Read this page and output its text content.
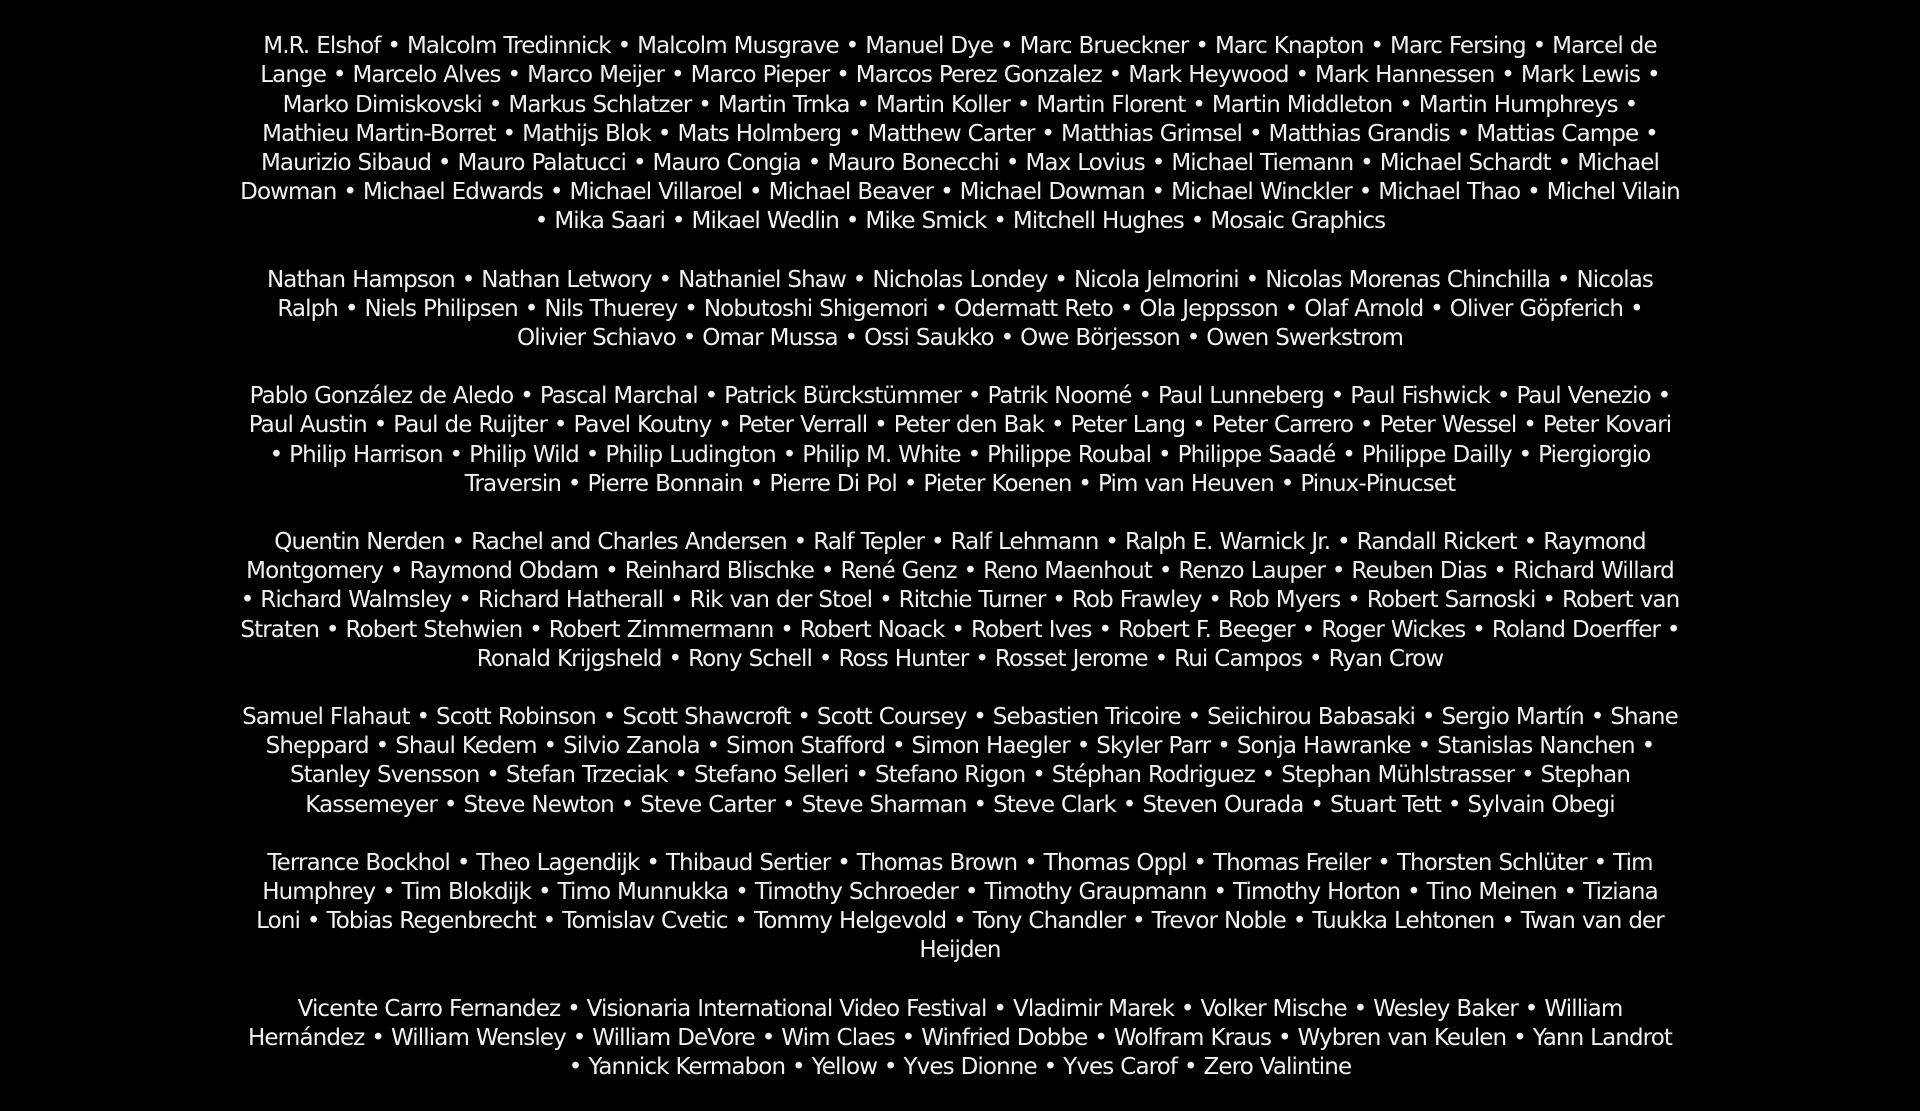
M.R. Elshof • Malcolm Tredinnick • Malcolm Musgrave • Manuel Dye • Marc Brueckner • Marc Knapton • Marc Fersing • Marcel de Lange • Marcelo Alves • Marco Meijer • Marco Pieper • Marcos Perez Gonzalez • Mark Heywood • Mark Hannessen • Mark Lewis • Marko Dimiskovski • Markus Schlatzer • Martin Trnka • Martin Koller • Martin Florent • Martin Middleton • Martin Humphreys • Mathieu Martin-Borret • Mathijs Blok • Mats Holmberg • Matthew Carter • Matthias Grimsel • Matthias Grandis • Mattias Campe • Maurizio Sibaud • Mauro Palatucci • Mauro Congia • Mauro Bonecchi • Max Lovius • Michael Tiemann • Michael Schardt • Michael Dowman • Michael Edwards • Michael Villaroel • Michael Beaver • Michael Dowman • Michael Winckler • Michael Thao • Michel Vilain • Mika Saari • Mikael Wedlin • Mike Smick • Mitchell Hughes • Mosaic Graphics

Nathan Hampson • Nathan Letwory • Nathaniel Shaw • Nicholas Londey • Nicola Jelmorini • Nicolas Morenas Chinchilla • Nicolas Ralph • Niels Philipsen • Nils Thuerey • Nobutoshi Shigemori • Odermatt Reto • Ola Jeppsson • Olaf Arnold • Oliver Göpferich • Olivier Schiavo • Omar Mussa • Ossi Saukko • Owe Börjesson • Owen Swerkstrom

Pablo González de Aledo • Pascal Marchal • Patrick Bürckstümmer • Patrik Noomé • Paul Lunneberg • Paul Fishwick • Paul Venezio • Paul Austin • Paul de Ruijter • Pavel Koutny • Peter Verrall • Peter den Bak • Peter Lang • Peter Carrero • Peter Wessel • Peter Kovari • Philip Harrison • Philip Wild • Philip Ludington • Philip M. White • Philippe Roubal • Philippe Saadé • Philippe Dailly • Piergiorgio Traversin • Pierre Bonnain • Pierre Di Pol • Pieter Koenen • Pim van Heuven • Pinux-Pinucset

Quentin Nerden • Rachel and Charles Andersen • Ralf Tepler • Ralf Lehmann • Ralph E. Warnick Jr. • Randall Rickert • Raymond Montgomery • Raymond Obdam • Reinhard Blischke • René Genz • Reno Maenhout • Renzo Lauper • Reuben Dias • Richard Willard • Richard Walmsley • Richard Hatherall • Rik van der Stoel • Ritchie Turner • Rob Frawley • Rob Myers • Robert Sarnoski • Robert van Straten • Robert Stehwien • Robert Zimmermann • Robert Noack • Robert Ives • Robert F. Beeger • Roger Wickes • Roland Doerffer • Ronald Krijgsheld • Rony Schell • Ross Hunter • Rosset Jerome • Rui Campos • Ryan Crow

Samuel Flahaut • Scott Robinson • Scott Shawcroft • Scott Coursey • Sebastien Tricoire • Seiichirou Babasaki • Sergio Martín • Shane Sheppard • Shaul Kedem • Silvio Zanola • Simon Stafford • Simon Haegler • Skyler Parr • Sonja Hawranke • Stanislas Nanchen • Stanley Svensson • Stefan Trzeciak • Stefano Selleri • Stefano Rigon • Stéphan Rodriguez • Stephan Mühlstrasser • Stephan Kassemeyer • Steve Newton • Steve Carter • Steve Sharman • Steve Clark • Steven Ourada • Stuart Tett • Sylvain Obegi

Terrance Bockhol • Theo Lagendijk • Thibaud Sertier • Thomas Brown • Thomas Oppl • Thomas Freiler • Thorsten Schlüter • Tim Humphrey • Tim Blokdijk • Timo Munnukka • Timothy Schroeder • Timothy Graupmann • Timothy Horton • Tino Meinen • Tiziana Loni • Tobias Regenbrecht • Tomislav Cvetic • Tommy Helgevold • Tony Chandler • Trevor Noble • Tuukka Lehtonen • Twan van der Heijden

Vicente Carro Fernandez • Visionaria International Video Festival • Vladimir Marek • Volker Mische • Wesley Baker • William Hernández • William Wensley • William DeVore • Wim Claes • Winfried Dobbe • Wolfram Kraus • Wybren van Keulen • Yann Landrot • Yannick Kermabon • Yellow • Yves Dionne • Yves Carof • Zero Valintine
